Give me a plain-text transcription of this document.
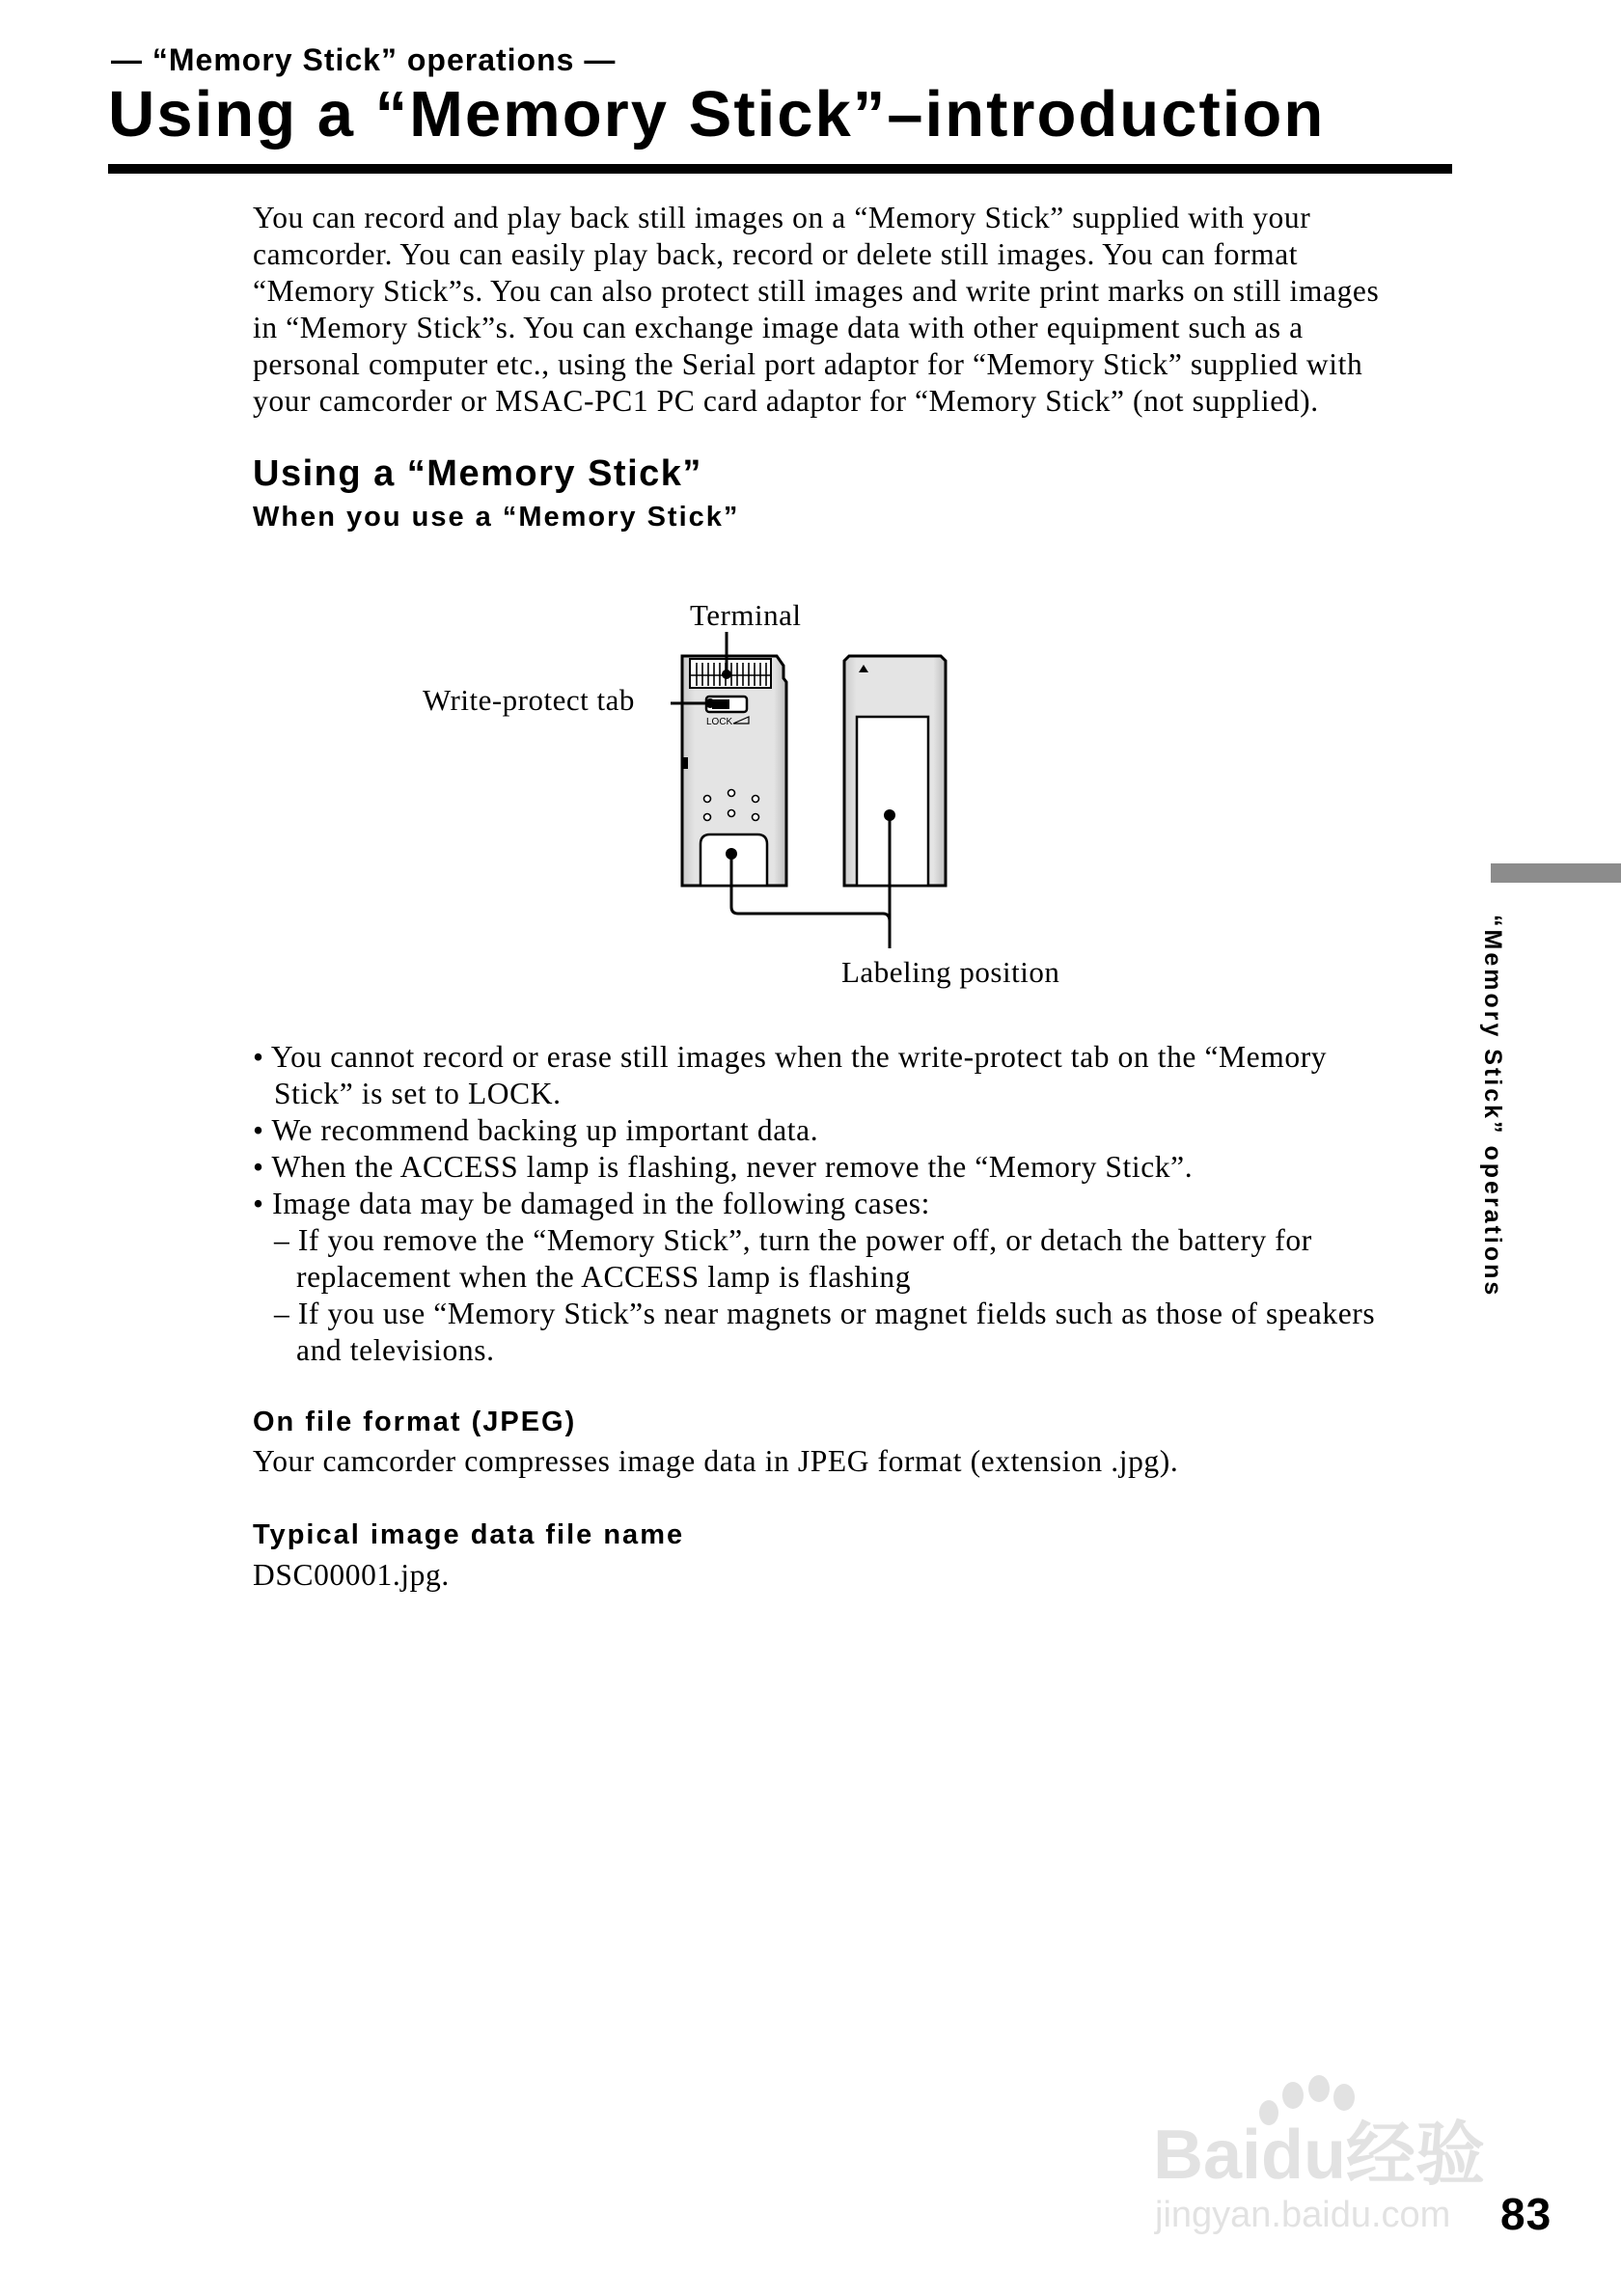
— “Memory Stick” operations —
Using a “Memory Stick”–introduction
You can record and play back still images on a “Memory Stick” supplied with your
camcorder. You can easily play back, record or delete still images. You can format
“Memory Stick”s. You can also protect still images and write print marks on still images
in “Memory Stick”s. You can exchange image data with other equipment such as a
personal computer etc., using the Serial port adaptor for “Memory Stick” supplied with
your camcorder or MSAC-PC1 PC card adaptor for “Memory Stick” (not supplied).
Using a “Memory Stick”
When you use a “Memory Stick”
Terminal
Write-protect tab
Labeling position
LOCK
• You cannot record or erase still images when the write-protect tab on the “Memory
Stick” is set to LOCK.
• We recommend backing up important data.
• When the ACCESS lamp is flashing, never remove the “Memory Stick”.
• Image data may be damaged in the following cases:
– If you remove the “Memory Stick”, turn the power off, or detach the battery for
replacement when the ACCESS lamp is flashing
– If you use “Memory Stick”s near magnets or magnet fields such as those of speakers
and televisions.
On file format (JPEG)
Your camcorder compresses image data in JPEG format (extension .jpg).
Typical image data file name
DSC00001.jpg.
“Memory Stick” operations
Baidu经验
jingyan.baidu.com 83
